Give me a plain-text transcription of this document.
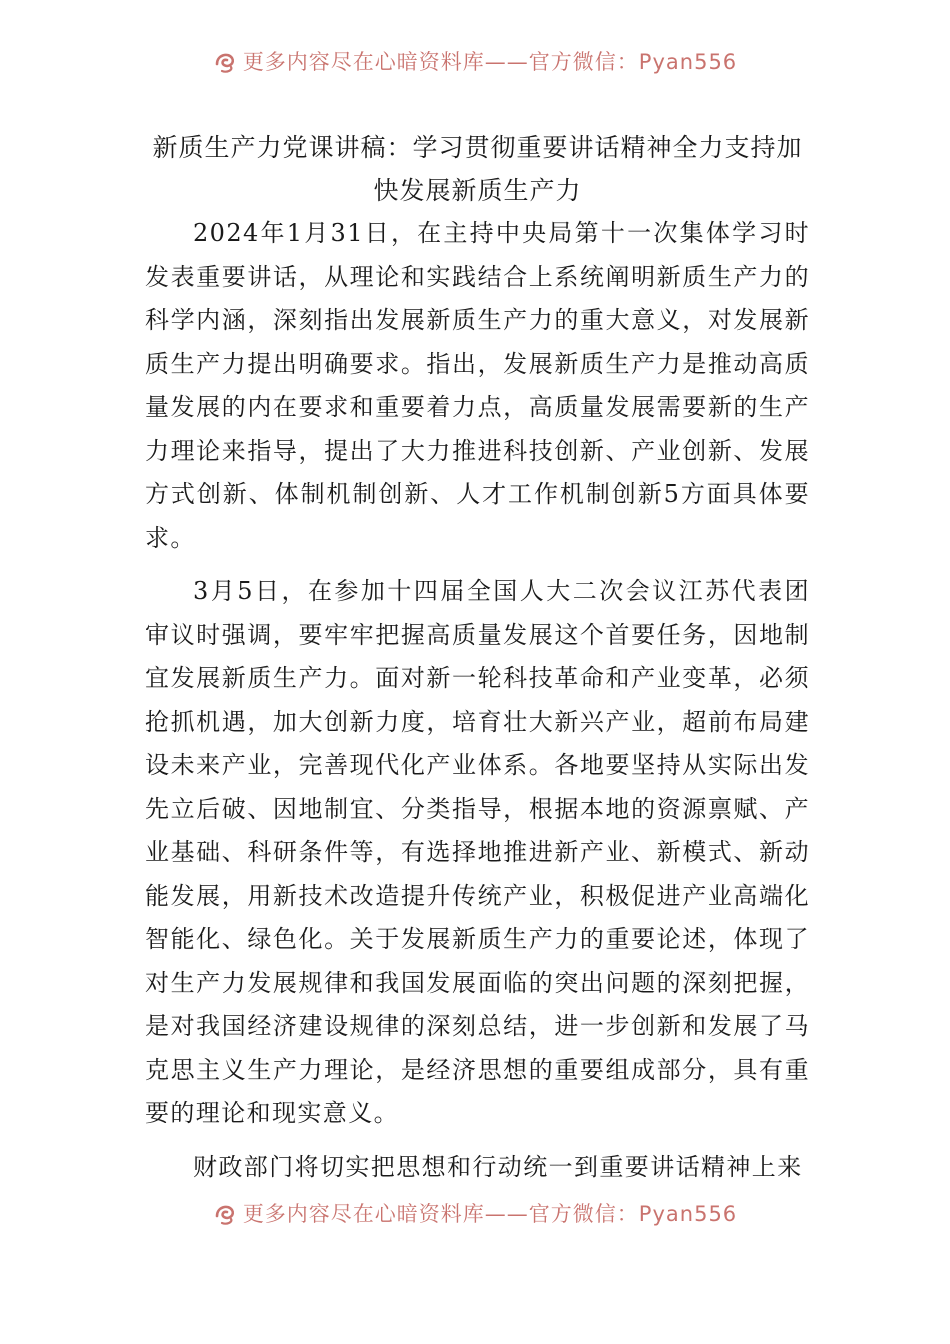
更多内容尽在心暗资料库——官方微信：Pyan556
新质生产力党课讲稿：学习贯彻重要讲话精神全力支持加快发展新质生产力

2024年1月31日，在主持中央局第十一次集体学习时发表重要讲话，从理论和实践结合上系统阐明新质生产力的科学内涵，深刻指出发展新质生产力的重大意义，对发展新质生产力提出明确要求。指出，发展新质生产力是推动高质量发展的内在要求和重要着力点，高质量发展需要新的生产力理论来指导，提出了大力推进科技创新、产业创新、发展方式创新、体制机制创新、人才工作机制创新5方面具体要求。

3月5日，在参加十四届全国人大二次会议江苏代表团审议时强调，要牢牢把握高质量发展这个首要任务，因地制宜发展新质生产力。面对新一轮科技革命和产业变革，必须抢抓机遇，加大创新力度，培育壮大新兴产业，超前布局建设未来产业，完善现代化产业体系。各地要坚持从实际出发先立后破、因地制宜、分类指导，根据本地的资源禀赋、产业基础、科研条件等，有选择地推进新产业、新模式、新动能发展，用新技术改造提升传统产业，积极促进产业高端化智能化、绿色化。关于发展新质生产力的重要论述，体现了对生产力发展规律和我国发展面临的突出问题的深刻把握，是对我国经济建设规律的深刻总结，进一步创新和发展了马克思主义生产力理论，是经济思想的重要组成部分，具有重要的理论和现实意义。

财政部门将切实把思想和行动统一到重要讲话精神上来

更多内容尽在心暗资料库——官方微信：Pyan556
